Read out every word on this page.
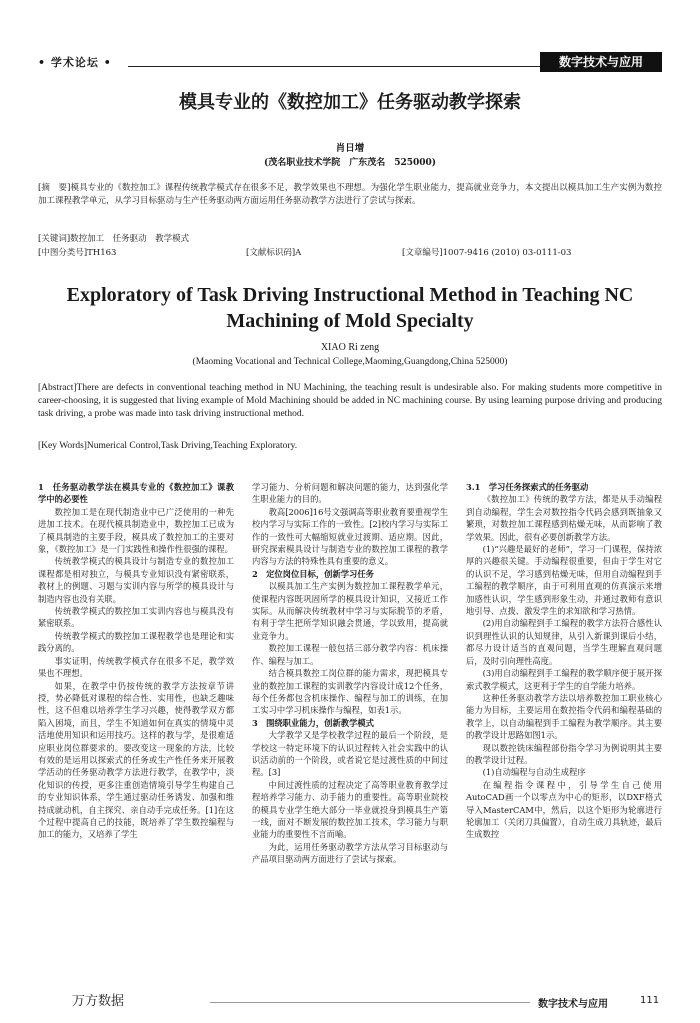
• 学术论坛 •	数字技术与应用
模具专业的《数控加工》任务驱动教学探索
肖日增
(茂名职业技术学院　广东茂名　525000)
[摘　要]模具专业的《数控加工》课程传统教学模式存在很多不足，教学效果也不理想。为强化学生职业能力，提高就业竞争力，本文提出以模具加工生产实例为数控加工课程教学单元，从学习目标驱动与生产任务驱动两方面运用任务驱动教学方法进行了尝试与探索。
[关键词]数控加工　任务驱动　教学模式
[中图分类号]TH163	[文献标识码]A	[文章编号]1007-9416 (2010) 03-0111-03
Exploratory of Task Driving Instructional Method in Teaching NC
Machining of Mold Specialty
XIAO Ri zeng
(Maoming Vocational and Technical College,Maoming,Guangdong,China 525000)
[Abstract]There are defects in conventional teaching method in NU Machining, the teaching result is undesirable also. For making students more competitive in career-choosing, it is suggested that living example of Mold Machining should be added in NC machining course. By using learning purpose driving and producing task driving, a probe was made into task driving instructional method.
[Key Words]Numerical Control,Task Driving,Teaching Exploratory.

1　任务驱动教学法在模具专业的《数控加工》课教学中的必要性

数控加工是在现代制造业中已广泛使用的一种先进加工技术。在现代模具制造业中，数控加工已成为了模具制造的主要手段，模具成了数控加工的主要对象，《数控加工》是一门实践性和操作性很强的课程。

传统教学模式的模具设计与制造专业的数控加工课程都是相对独立，与模具专业知识没有紧密联系，教材上的例题、习题与实训内容与所学的模具设计与制造内容也没有关联。

传统教学模式的数控加工实训内容也与模具没有紧密联系。

传统教学模式的数控加工课程教学也是理论和实践分离的。

事实证明，传统教学模式存在很多不足，教学效果也不理想。

如果，在教学中仍按传统的教学方法按章节讲授，势必降低对课程的综合性、实用性，也缺乏趣味性，这不但难以培养学生学习兴趣，使得教学双方都陷入困境，而且，学生不知道如何在真实的情境中灵活地使用知识和运用技巧。这样的教与学，是很难适应职业岗位群要求的。要改变这一现象的方法，比较有效的是运用以探索式的任务或生产性任务来开展教学活动的任务驱动教学方法进行教学，在教学中，淡化知识的传授，更多注重创造情境引导学生构建自己的专业知识体系，学生通过驱动任务诱发、加强和维持成就动机，自主探究、亲自动手完成任务。[1]在这个过程中提高自己的技能，既培养了学生数控编程与加工的能力，又培养了学生

学习能力、分析问题和解决问题的能力，达到强化学生职业能力的目的。

教高[2006]16号文强调高等职业教育要重视学生校内学习与实际工作的一致性。[2]校内学习与实际工作的一致性可大幅缩短就业过渡期、适应期。因此，研究探索模具设计与制造专业的数控加工课程的教学内容与方法的特殊性具有重要的意义。

2　定位岗位目标，创新学习任务

以模具加工生产实例为数控加工课程教学单元，使课程内容既巩固所学的模具设计知识，又接近工作实际。从而解决传统教材中学习与实际脱节的矛盾，有利于学生把所学知识融会贯通，学以致用，提高就业竞争力。

数控加工课程一般包括三部分教学内容：机床操作、编程与加工。

结合模具数控工岗位群的能力需求，现把模具专业的数控加工课程的实训教学内容设计成12个任务，每个任务都包含机床操作、编程与加工的训练，在加工实习中学习机床操作与编程，如表1示。

3　围绕职业能力，创新教学模式

大学教学又是学校教学过程的最后一个阶段，是学校这一特定环境下的认识过程转入社会实践中的认识活动前的一个阶段，或者说它是过渡性质的中间过程。[3]

中间过渡性质的过程决定了高等职业教育教学过程培养学习能力、动手能力的重要性。高等职业院校的模具专业学生绝大部分一毕业就投身到模具生产第一线，面对不断发展的数控加工技术，学习能力与职业能力的重要性不言而喻。

为此，运用任务驱动教学方法从学习目标驱动与产品项目驱动两方面进行了尝试与探索。

3.1　学习任务探索式的任务驱动

《数控加工》传统的教学方法，都是从手动编程到自动编程，学生会对数控指令代码会感到既抽象又繁琐，对数控加工课程感到枯燥无味，从而影响了教学效果。因此，很有必要创新教学方法。

(1)“兴趣是最好的老师”，学习一门课程，保持浓厚的兴趣很关键。手动编程很重要，但由于学生对它的认识不足，学习感到枯燥无味，但用自动编程到手工编程的教学顺序，由于可利用直观的仿真演示来增加感性认识，学生感到形象生动，并通过教师有意识地引导、点拨、激发学生的求知欲和学习热情。

(2)用自动编程到手工编程的教学方法符合感性认识到理性认识的认知规律，从引入新课到课后小结，都尽力设计适当的直观问题，当学生理解直观问题后，及时引向理性高度。

(3)用自动编程到手工编程的教学顺序便于展开探索式教学模式，这更利于学生的自学能力培养。

这种任务驱动教学方法以培养数控加工职业核心能力为目标，主要运用在数控指令代码和编程基础的教学上，以自动编程到手工编程为教学顺序。其主要的教学设计思路如图1示。

现以数控铣床编程部份指令学习为例说明其主要的教学设计过程。

(1)自动编程与自动生成程序

在编程指令课程中，引导学生自己使用AutoCAD画一个以零点为中心的矩形，以DXF格式导入MasterCAM中，然后，以这个矩形为轮廓进行轮廓加工（关闭刀具偏置），自动生成刀具轨迹，最后生成数控

万方数据	数字技术与应用	111
